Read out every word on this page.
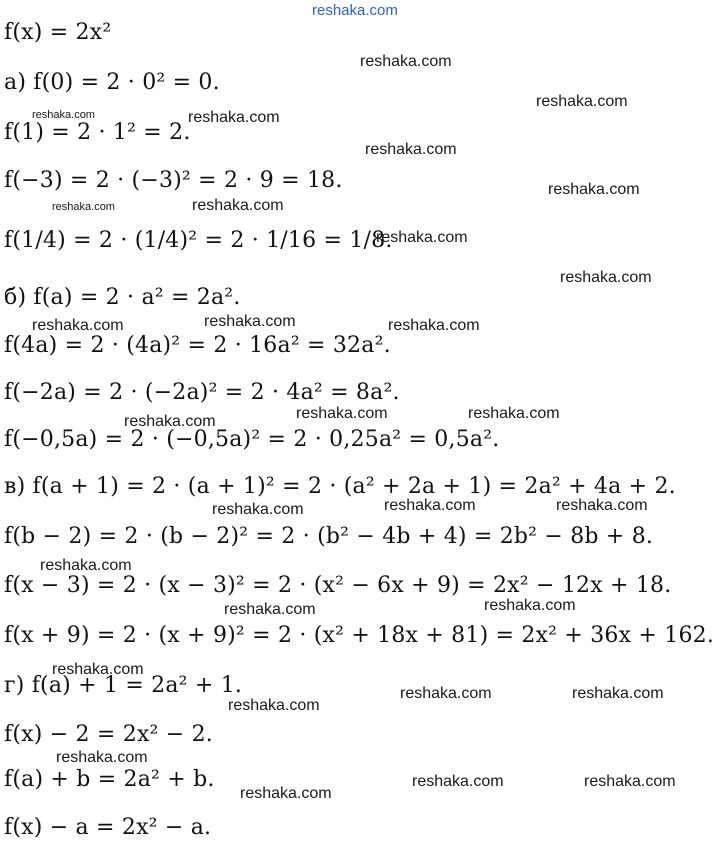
f(x) = 2x²
а) f(0) = 2 · 0² = 0.
f(1) = 2 · 1² = 2.
f(−3) = 2 · (−3)² = 2 · 9 = 18.
f(1/4) = 2 · (1/4)² = 2 · 1/16 = 1/8.
б) f(a) = 2 · a² = 2a².
f(4a) = 2 · (4a)² = 2 · 16a² = 32a².
f(−2a) = 2 · (−2a)² = 2 · 4a² = 8a².
f(−0,5a) = 2 · (−0,5a)² = 2 · 0,25a² = 0,5a².
в) f(a + 1) = 2 · (a + 1)² = 2 · (a² + 2a + 1) = 2a² + 4a + 2.
f(b − 2) = 2 · (b − 2)² = 2 · (b² − 4b + 4) = 2b² − 8b + 8.
f(x − 3) = 2 · (x − 3)² = 2 · (x² − 6x + 9) = 2x² − 12x + 18.
f(x + 9) = 2 · (x + 9)² = 2 · (x² + 18x + 81) = 2x² + 36x + 162.
г) f(a) + 1 = 2a² + 1.
f(x) − 2 = 2x² − 2.
f(a) + b = 2a² + b.
f(x) − a = 2x² − a.
reshaka.com
reshaka.com
reshaka.com
reshaka.com	reshaka.com
reshaka.com
reshaka.com
reshaka.com	reshaka.com
reshaka.com
reshaka.com
reshaka.com	reshaka.com	reshaka.com
reshaka.com	reshaka.com	reshaka.com
reshaka.com	reshaka.com	reshaka.com
reshaka.com
reshaka.com	reshaka.com
reshaka.com
reshaka.com	reshaka.com
reshaka.com
reshaka.com
reshaka.com	reshaka.com
reshaka.com
